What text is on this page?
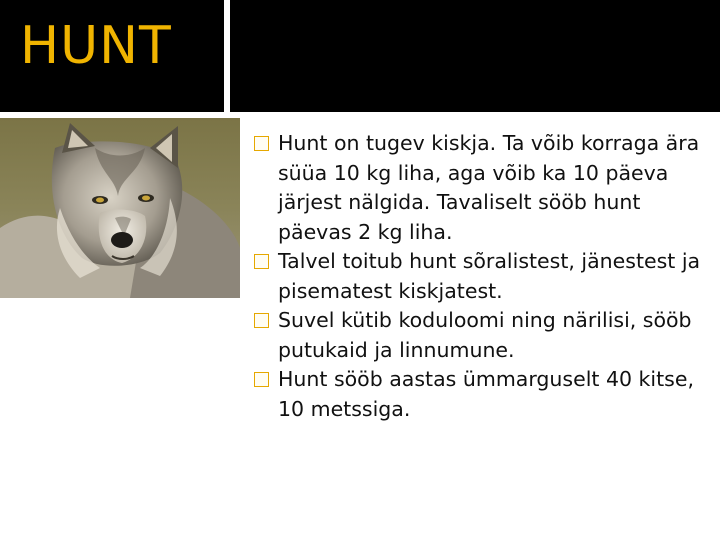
HUNT
Hunt on tugev kiskja. Ta võib korraga ära süüa 10 kg liha, aga võib ka 10 päeva järjest nälgida. Tavaliselt sööb hunt päevas 2 kg liha.
Talvel toitub hunt sõralistest, jänestest ja pisematest kiskjatest.
Suvel kütib koduloomi ning närilisi, sööb putukaid ja linnumune.
Hunt sööb aastas ümmarguselt 40 kitse, 10 metssiga.
